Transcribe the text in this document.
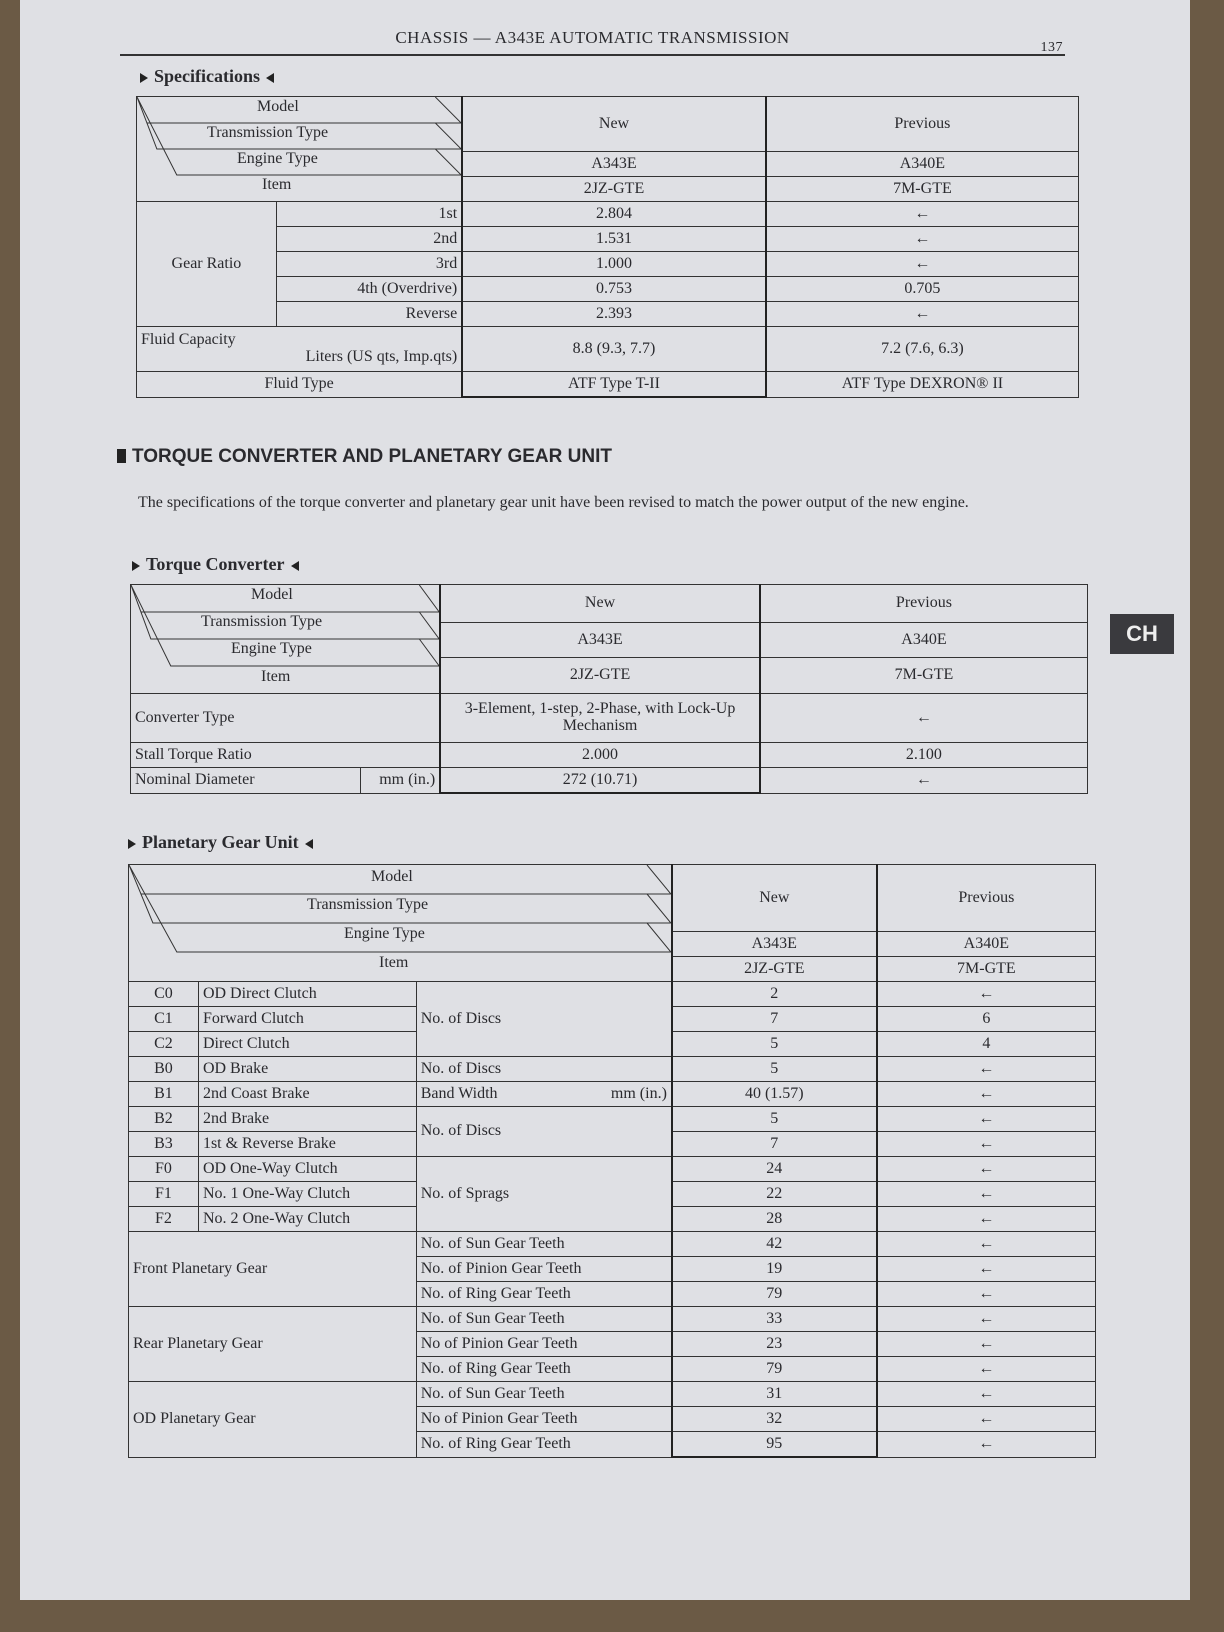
CHASSIS — A343E AUTOMATIC TRANSMISSION
137
Specifications
Model
Transmission Type
Engine Type
Item		New	Previous

		A343E	A340E
		2JZ-GTE	7M-GTE
Gear Ratio	1st	2.804	←
	2nd	1.531	←
	3rd	1.000	←
	4th (Overdrive)	0.753	0.705
	Reverse	2.393	←

Fluid Capacity
Liters (US qts, Imp.qts)		8.8 (9.3, 7.7)	7.2 (7.6, 6.3)
Fluid Type		ATF Type T-II	ATF Type DEXRON® II
TORQUE CONVERTER AND PLANETARY GEAR UNIT
The specifications of the torque converter and planetary gear unit have been revised to match the power output of the new engine.
Torque Converter
Model
Transmission Type
Engine Type
Item		New	Previous
		A343E	A340E
		2JZ-GTE	7M-GTE
Converter Type		3-Element, 1-step, 2-Phase, with Lock-Up Mechanism	←
Stall Torque Ratio		2.000	2.100
Nominal Diameter	mm (in.)	272 (10.71)	←
CH
Planetary Gear Unit
Model
Transmission Type
Engine Type
Item			New	Previous

			A343E	A340E
			2JZ-GTE	7M-GTE
C0	OD Direct Clutch	No. of Discs	2	←
C1	Forward Clutch		7	6
C2	Direct Clutch		5	4
B0	OD Brake	No. of Discs	5	←
B1	2nd Coast Brake	Band Width mm (in.)	40 (1.57)	←
B2	2nd Brake	No. of Discs	5	←
B3	1st & Reverse Brake		7	←
F0	OD One-Way Clutch	No. of Sprags	24	←
F1	No. 1 One-Way Clutch		22	←
F2	No. 2 One-Way Clutch		28	←
Front Planetary Gear		No. of Sun Gear Teeth	42	←
		No. of Pinion Gear Teeth	19	←
		No. of Ring Gear Teeth	79	←
Rear Planetary Gear		No. of Sun Gear Teeth	33	←
		No of Pinion Gear Teeth	23	←
		No. of Ring Gear Teeth	79	←
OD Planetary Gear		No. of Sun Gear Teeth	31	←
		No of Pinion Gear Teeth	32	←
		No. of Ring Gear Teeth	95	←
